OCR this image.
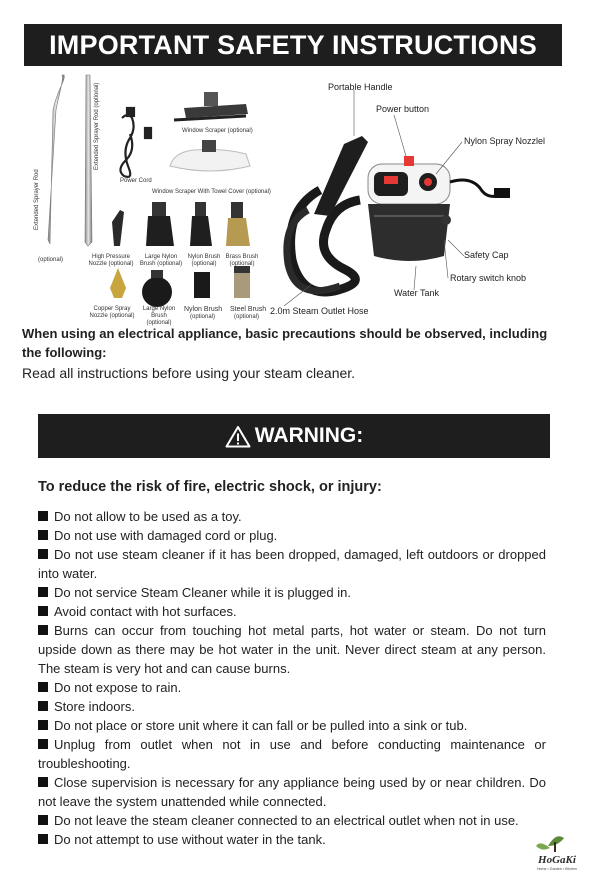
IMPORTANT SAFETY INSTRUCTIONS
Extended Sprayer Rod
(optional)
Extended Sprayer Rod (optional)
Power Cord
Window Scraper (optional)
Window Scraper With Towel Cover (optional)
High Pressure Nozzle (optional)
Large Nylon Brush (optional)
Nylon Brush (optional)
Brass Brush (optional)
Copper Spray Nozzle (optional)
Large Nylon Brush (optional)
Nylon Brush
(optional)
Steel Brush
(optional)
Portable Handle
Power button
Nylon Spray Nozzlel
Safety Cap
Rotary switch knob
Water Tank
2.0m Steam Outlet Hose
When using an electrical appliance, basic precautions should be observed, including the following:
Read all instructions before using your steam cleaner.
WARNING:
To reduce the risk of fire, electric shock, or injury:
Do not allow to be used as a toy.
Do not use with damaged cord or plug.
Do not use steam cleaner if it has been dropped, damaged, left outdoors or dropped into water.
Do not service Steam Cleaner while it is plugged in.
Avoid contact with hot surfaces.
Burns can occur from touching hot metal parts, hot water or steam. Do not turn upside down as there may be hot water in the unit. Never direct steam at any person. The steam is very hot and can cause burns.
Do not expose to rain.
Store indoors.
Do not place or store unit where it can fall or be pulled into a sink or tub.
Unplug from outlet when not in use and before conducting maintenance or troubleshooting.
Close supervision is necessary for any appliance being used by or near children. Do not leave the system unattended while connected.
Do not leave the steam cleaner connected to an electrical outlet when not in use.
Do not attempt to use without water in the tank.
HoGaKi
Home • Garden • Kitchen
